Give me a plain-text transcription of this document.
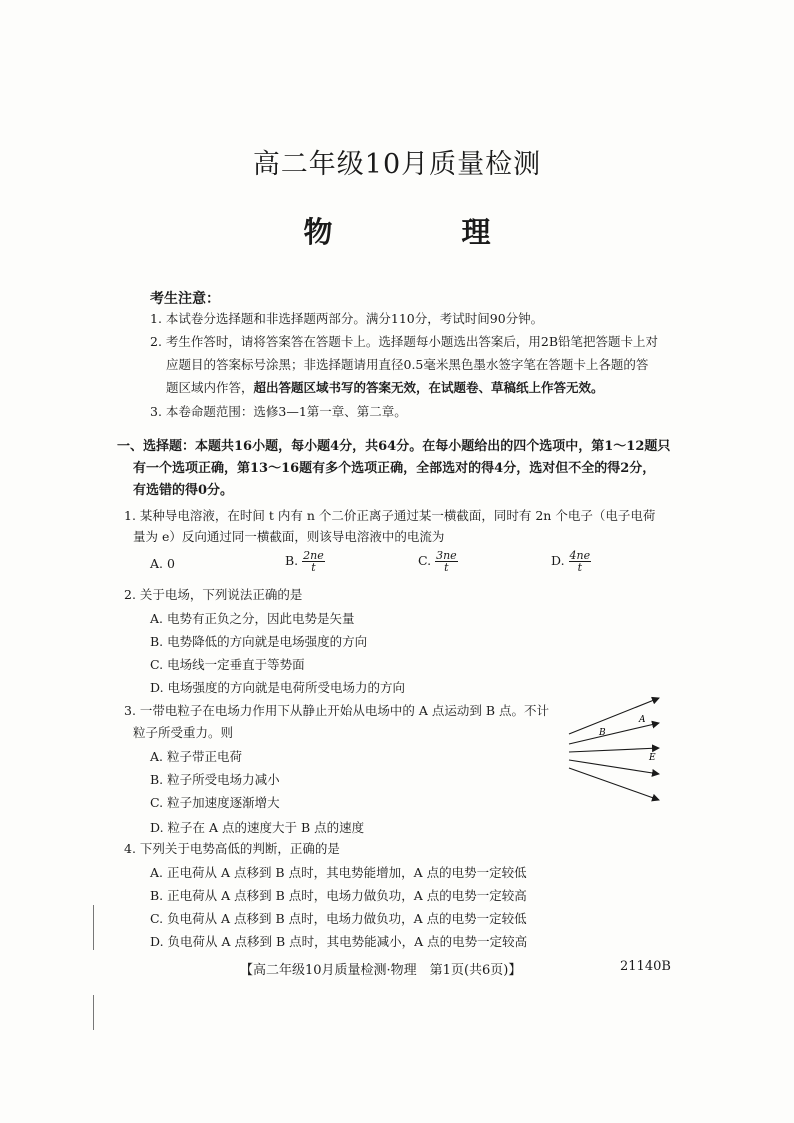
高二年级10月质量检测
物　理
考生注意：
1. 本试卷分选择题和非选择题两部分。满分110分，考试时间90分钟。
2. 考生作答时，请将答案答在答题卡上。选择题每小题选出答案后，用2B铅笔把答题卡上对
应题目的答案标号涂黑；非选择题请用直径0.5毫米黑色墨水签字笔在答题卡上各题的答
题区域内作答，超出答题区域书写的答案无效，在试题卷、草稿纸上作答无效。
3. 本卷命题范围：选修3—1第一章、第二章。
一、选择题：本题共16小题，每小题4分，共64分。在每小题给出的四个选项中，第1～12题只
有一个选项正确，第13～16题有多个选项正确，全部选对的得4分，选对但不全的得2分，
有选错的得0分。
1. 某种导电溶液，在时间 t 内有 n 个二价正离子通过某一横截面，同时有 2n 个电子（电子电荷
量为 e）反向通过同一横截面，则该导电溶液中的电流为
A. 0	B. $\frac{2ne}{t}$	C. $\frac{3ne}{t}$	D. $\frac{4ne}{t}$
2. 关于电场，下列说法正确的是
A. 电势有正负之分，因此电势是矢量
B. 电势降低的方向就是电场强度的方向
C. 电场线一定垂直于等势面
D. 电场强度的方向就是电荷所受电场力的方向
3. 一带电粒子在电场力作用下从静止开始从电场中的 A 点运动到 B 点。不计
粒子所受重力。则
A. 粒子带正电荷
B. 粒子所受电场力减小
C. 粒子加速度逐渐增大
D. 粒子在 A 点的速度大于 B 点的速度
A
B
E
4. 下列关于电势高低的判断，正确的是
A. 正电荷从 A 点移到 B 点时，其电势能增加，A 点的电势一定较低
B. 正电荷从 A 点移到 B 点时，电场力做负功，A 点的电势一定较高
C. 负电荷从 A 点移到 B 点时，电场力做负功，A 点的电势一定较低
D. 负电荷从 A 点移到 B 点时，其电势能减小，A 点的电势一定较高
【高二年级10月质量检测·物理　第1页(共6页)】	21140B
